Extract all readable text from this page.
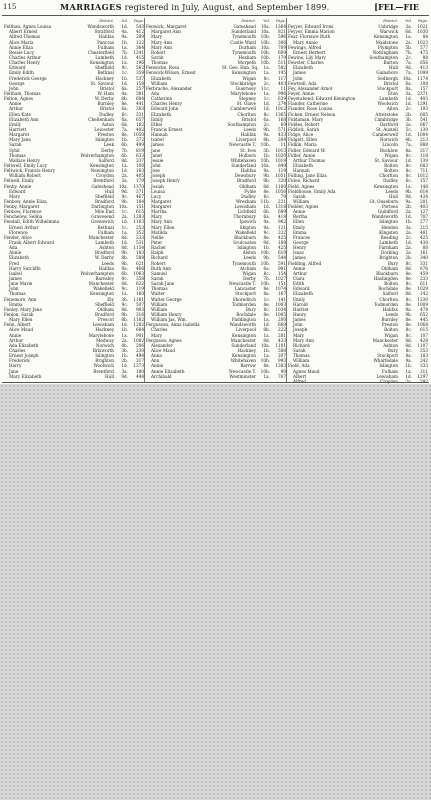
115	MARRIAGES registered in July, August, and September 1899.	[FEL—FIE
District.	Vol.	Page.
Felthan, Agnes Louisa	Wandsworth	1d.	543
Albert Ernest	Stratford	4a.	412
Alfred Thomas	Halifax	9a.	289
Alice Maria	Pancras	1b.	122
Annie Eliza	Fulham	1a.	364
Bessie Lucy	Chesterfield	7b.	1241
Charles Arthur	Lambeth	1d.	415
Charles Henry	Kensington	1a.	196
Edward	Sheffield	9c.	562
Emily Edith	Bethnal	1c.	359
Frederick George	Hackney	1b.	537
George	St. Saviour	1d.	158
John	Bristol	6a.	257
Feltham, Thomas	W. Ham	4a.	381
Felton, Agnes	W. Derby	8b.	684
Annie	Burnley	8e.	441
Arthur	Bristol	6a.	303
Ellen Kate	Dudley	6c.	331
Elizabeth Ann	Cheltenham	6a.	657
Emily	Aston	6d.	162
Harriett	Leicester	7a.	402
Margaret	Preston	8e.	1050
Mary Jane	Islington	1b.	372
Sarah	Leek	6b.	499
Sybil	Derby	7b.	819
Thomas	Wolverhampton	6b.	633
Wallace Henry	Salford	8d.	337
Feltwell, Emily Lucy	Kensington	1a.	100
Feltwick, Francis Henry	Newington	1d.	163
William Robert	Croydon	2a.	405
Felwell, Emily	Brentford	3a.	179
Fenby, Annie	Gateshead	10a.	1370
Edward	Hull	9d.	371
Mary	Sheffield	9c.	467
Fenbow, Annie Eliza	Bradford	9b.	184
Fenby, Margaret	Darlington	10a.	151
Fenbow, Florence	Mile End	1c.	615
Fenchelow, Selina	Gravesend	2a.	1283
Fendall, Edith Wilhelmina	Greenwich	1d.	1163
Ernest Arthur	Bethnal	1c.	253
Florence	Fulham	1a.	352
Fender, Alice	Manchester	8d.	233
Frank Albert Edward	Lambeth	1d.	531
Ada	Ashton	8d.	1154
Annie	Bradford	9b.	183
Elizabeth	W. Derby	8b.	588
Fred	Leeds	9b.	621
Harry Sutcliffe	Halifax	9a.	466
Isabel	Wolverhampton	6b.	1063
James	Barnsley	9c.	358
Jane Marie	Manchester	8d.	622
John	Wakefield	9c.	119
Thomas	Kensington	1a.	160
Fenemore, Ann	Ely	3b.	1161
Emma	Sheffield	9c.	507
Fenley, Mary Jane	Oldham	8d.	903
Fenlon, Sarah	Bradford	9b.	316
Mary Ellen	Prescot	8b.	1182
Fenn, Albert	Lewisham	1d.	1282
Alice Maud	Hackney	1b.	684
Annie	Marylebone	1a.	901
Arthur	Medway	2a.	1082
Ada Elizabeth	Norwich	4b.	206
Charles	Brixworth	3b.	230
Ernest Joseph	Islington	1b.	498
Frederick	Brighton	2b.	317
Harry	Woolwich	1d.	1373
Jane	Brentford	3a.	180
Mary Elizabeth	Hull	9d.	448
District.	Vol.	Page.
Fenwick, Margaret	Gateshead	10a.	1364
Margaret Ann	Sunderland	10a.	821
Mary	Tynemouth	10b.	596
Mary Ann	Castle Ward	10b.	306
Mary Ann	Durham	10a.	709
Robert	Tynemouth	10b.	609
Sarah	Hexham	10b.	179
Thomas	Morpeth	10b.	511
Fenwicke, Rosa	St. Geo. Han. Sq.	1a.	582
Fenwick-Wilson, Ernest	Kensington	1a.	195
Elizabeth	Wigan	8c.	117
William	Stockbridge	2c.	403
Ferbrache, Alexander	Guernsey	11c.	11
Ada	Marylebone	1a.	996
Catherine	Stepney	1c.	639
Charles Henry	St. Olave	1d.	274
Edward John	Camberwell	1d.	1012
Elizabeth	Chorlton	8c.	1365
Emily	Bristol	6a.	168
Ethel	Southampton	2c.	69
Francis Ernest	Leeds	9b.	571
Hannah	Halifax	9a.	433
Isabel	Liverpool	8b.	264
James	Newcastle T.	10b.	11
Jane	St. Ives	3b.	1013
Janet	Holborn	1b.	1020
Jessie	Whitehaven	10b.	1019
John	Sunderland	10a.	849
Jose	Halifax	9a.	119
Joseph	Dewsbury	9b.	1051
Joseph Henry	Bradford	9b.	320
Josiah	Oldham	8d.	1160
Louisa	Fylde	8e.	1056
Lucy	Dudley	6c.	79
Margaret	Wrexham	11b.	221
Margaret	Lewisham	1d.	1318
Martha	Lichfield	6b.	689
Mary	Thornbury	6a.	418
Mary Ann	Ipswich	4a.	962
Mary Ellen	Skipton	9a.	121
Matilda	Wakefield	9c.	222
Nellie	Blackburn	8e.	425
Peter	Sculcoates	9d.	188
Rachel	Islington	1b.	425
Ralph	Alston	10b.	619
Richard	Leeds	9b.	544
Robert	Tynemouth	10b.	591
Ruth Ann	Atcham	6a.	981
Samuel	Wigan	8c.	154
Sarah	Derby	7b.	1027
Sarah Jane	Newcastle T.	10b.	151
Thomas	Lancaster	8e.	1074
Walter	Stockport	8a.	167
Walter George	Shoreditch	1c.	141
William	Todmorden	8e.	1003
William	Bury	8c.	1034
William Henry	Rochdale	8e.	1005
William Jas. Wm.	Paddington	1a.	200
Fergusson, Anna Isabella	Wandsworth	1d.	669
Charles	Liverpool	8b.	222
Mary	Kensington	1a.	281
Ferguson, Agnes	Manchester	8d.	433
Alexander	Sunderland	10a.	1101
Alice Maud	Hackney	1b.	588
Anna	Kensington	1a.	207
Ann	Whitehaven	10b.	993
Annie	Barrow	8e.	1383
Annie Elizabeth	Newcastle T.	10b.	90
Archibald	Westminster	1a.	767
District.	Vol.	Page.
Feyyer, Edward Irons	Uxbridge	3a.	1021
Feyyer, Emma Marion	Warwick	6d.	1030
Fear, Florence Ruth	Kensington	1a.	84
Mary Annie	Maidstone	2a.	1023
Fewings, Alfred	Plympton	5b.	577
Ernest Herbert	Nottingham	7b.	475
Fewins, Lily Mary	Southampton	2c.	88
Fewster, Charles	Barton	7a.	656
Elizabeth	Hull	9d.	413
James	Gainsboro	7a.	1098
John	Sedbergh	10a.	1174
Fewtrell, Ada	Bristol	6a.	108
Fey, Alexander Arnot	Stockport	8a.	157
Feyer, Annie	Eton	3a.	2371
Feyerabend, Edward Kenington	Lambeth	1d.	403
Fiander, Catherine	Woolwich	1d.	1291
Fiander, Rose Louisa	Alton	2c.	193
Ficken, Ernest Nelson	Alverstoke	2b.	605
Fiddaman, Mary	Cambridge	3b.	541
Fiddes, Robert	Dartford	2a.	667
Fiddick, Sarah	St. Austell	5c.	130
Fidge, Alice	Camberwell	1d.	1004
Fidgett, Ellen	Norwich	4b.	213
Fidkin, Maria	Lincoln	7a.	888
Fidler, Edward W.	Bucklow	8a.	317
Fidler, Annie	Wigan	8c.	118
Arthur Thomas	St. Saviour	1d.	139
Elizabeth	Bolton	8c.	683
Hannah	Bolton	8c.	711
Fidling, Jane Eliza	Chorlton	8c.	1012
Fidoe, Richard	Dudley	6c.	157
Field, Agnes	Kensington	1a.	148
Fieldhouse, Emily Ada	Leeds	9b.	614
Sarah	Hull	9d.	434
William	Gt. Ouseburn	9a.	201
Fielder, Agnes	Portsea	2b.	403
Annie	Guildford	2a.	127
Bertha	Wandsworth	1d.	707
Ellen	Islington	1b.	277
Emily	Hendon	3a.	215
Emma	Kingston	2a.	481
Frances	Reading	2c.	425
George	Lambeth	1d.	430
Henry	Farnham	2a.	88
Isaac	Dorking	2a.	161
James	Brighton	2b.	340
Fielding, Alfred	Bury	8c.	331
Annie	Oldham	8d.	876
Arthur	Blackburn	8e.	459
Clara	Haslingden	8e.	233
Edith	Bolton	8c.	611
Edward	Rochdale	8e.	1029
Elizabeth	Salford	8d.	142
Emily	Chorlton	8c.	1330
Harold	Todmorden	8e.	1009
Harriet	Halifax	9a.	478
Henry	Leeds	9b.	652
James	Burnley	8e.	445
John	Preston	8e.	1068
Joseph	Bolton	8c.	615
Mary	Wigan	8c.	107
Mary Ann	Manchester	8d.	428
Richard	Ashton	8d.	1107
Sarah	Bury	8c.	353
Thomas	Stockport	8a.	183
William	Wharfedale	9a.	242
Field, Ada	Islington	1b.	333
Agnes Maud	Fulham	1a.	311
Albert	Lewisham	1d.	1297
Alfred	Croydon	2a.	392
